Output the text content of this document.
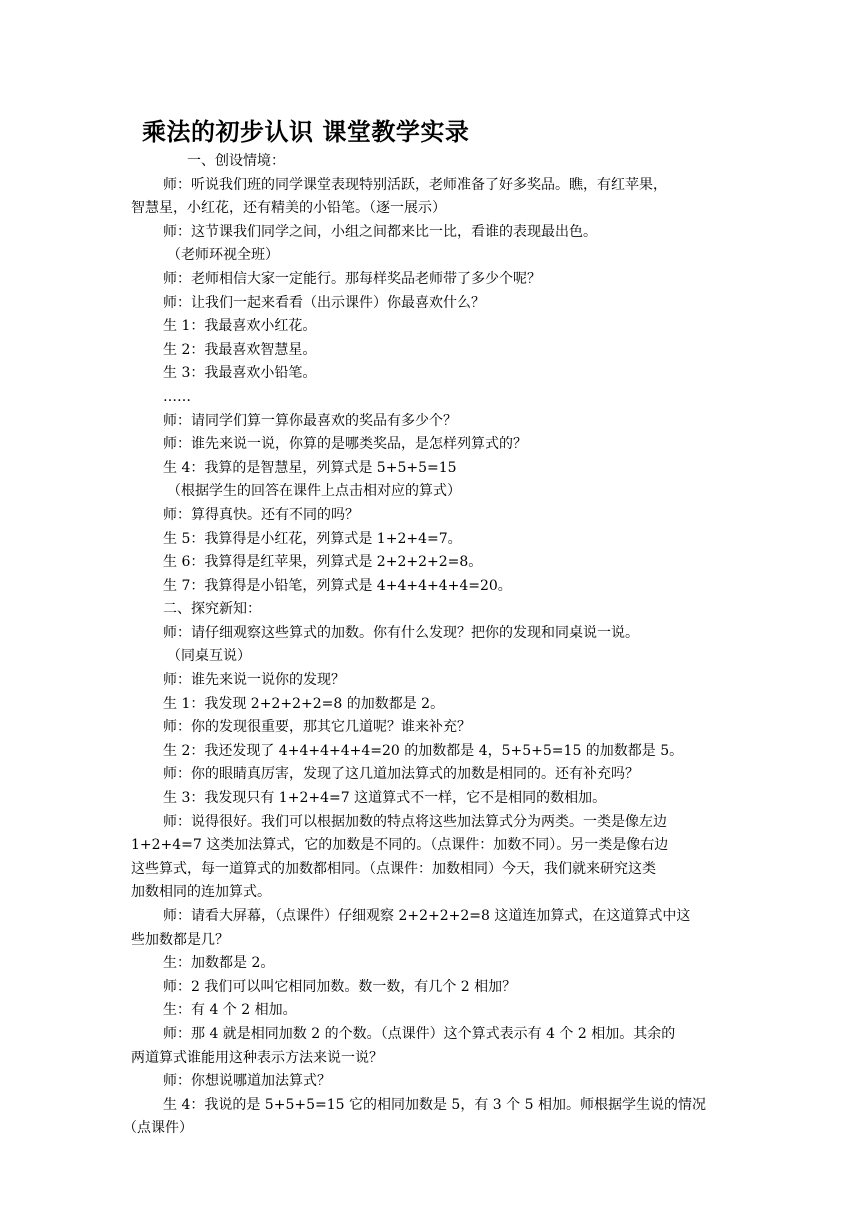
乘法的初步认识 课堂教学实录

一、创设情境：

师：听说我们班的同学课堂表现特别活跃，老师准备了好多奖品。瞧，有红苹果，

智慧星，小红花，还有精美的小铅笔。（逐一展示）

师：这节课我们同学之间，小组之间都来比一比，看谁的表现最出色。

（老师环视全班）

师：老师相信大家一定能行。那每样奖品老师带了多少个呢？

师：让我们一起来看看（出示课件）你最喜欢什么？

生 1：我最喜欢小红花。

生 2：我最喜欢智慧星。

生 3：我最喜欢小铅笔。

……

师：请同学们算一算你最喜欢的奖品有多少个？

师：谁先来说一说，你算的是哪类奖品，是怎样列算式的？

生 4：我算的是智慧星，列算式是 5+5+5=15

（根据学生的回答在课件上点击相对应的算式）

师：算得真快。还有不同的吗？

生 5：我算得是小红花，列算式是 1+2+4=7。

生 6：我算得是红苹果，列算式是 2+2+2+2=8。

生 7：我算得是小铅笔，列算式是 4+4+4+4+4=20。

二、探究新知：

师：请仔细观察这些算式的加数。你有什么发现？把你的发现和同桌说一说。

（同桌互说）

师：谁先来说一说你的发现？

生 1：我发现 2+2+2+2=8 的加数都是 2。

师：你的发现很重要，那其它几道呢？谁来补充？

生 2：我还发现了 4+4+4+4+4=20 的加数都是 4，5+5+5=15 的加数都是 5。

师：你的眼睛真厉害，发现了这几道加法算式的加数是相同的。还有补充吗？

生 3：我发现只有 1+2+4=7 这道算式不一样，它不是相同的数相加。

师：说得很好。我们可以根据加数的特点将这些加法算式分为两类。一类是像左边

1+2+4=7 这类加法算式，它的加数是不同的。（点课件：加数不同）。另一类是像右边

这些算式，每一道算式的加数都相同。（点课件：加数相同）今天，我们就来研究这类

加数相同的连加算式。

师：请看大屏幕，（点课件）仔细观察 2+2+2+2=8 这道连加算式，在这道算式中这

些加数都是几？

生：加数都是 2。

师：2 我们可以叫它相同加数。数一数，有几个 2 相加？

生：有 4 个 2 相加。

师：那 4 就是相同加数 2 的个数。（点课件）这个算式表示有 4 个 2 相加。其余的

两道算式谁能用这种表示方法来说一说？

师：你想说哪道加法算式？

生 4：我说的是 5+5+5=15 它的相同加数是 5，有 3 个 5 相加。师根据学生说的情况

（点课件）
